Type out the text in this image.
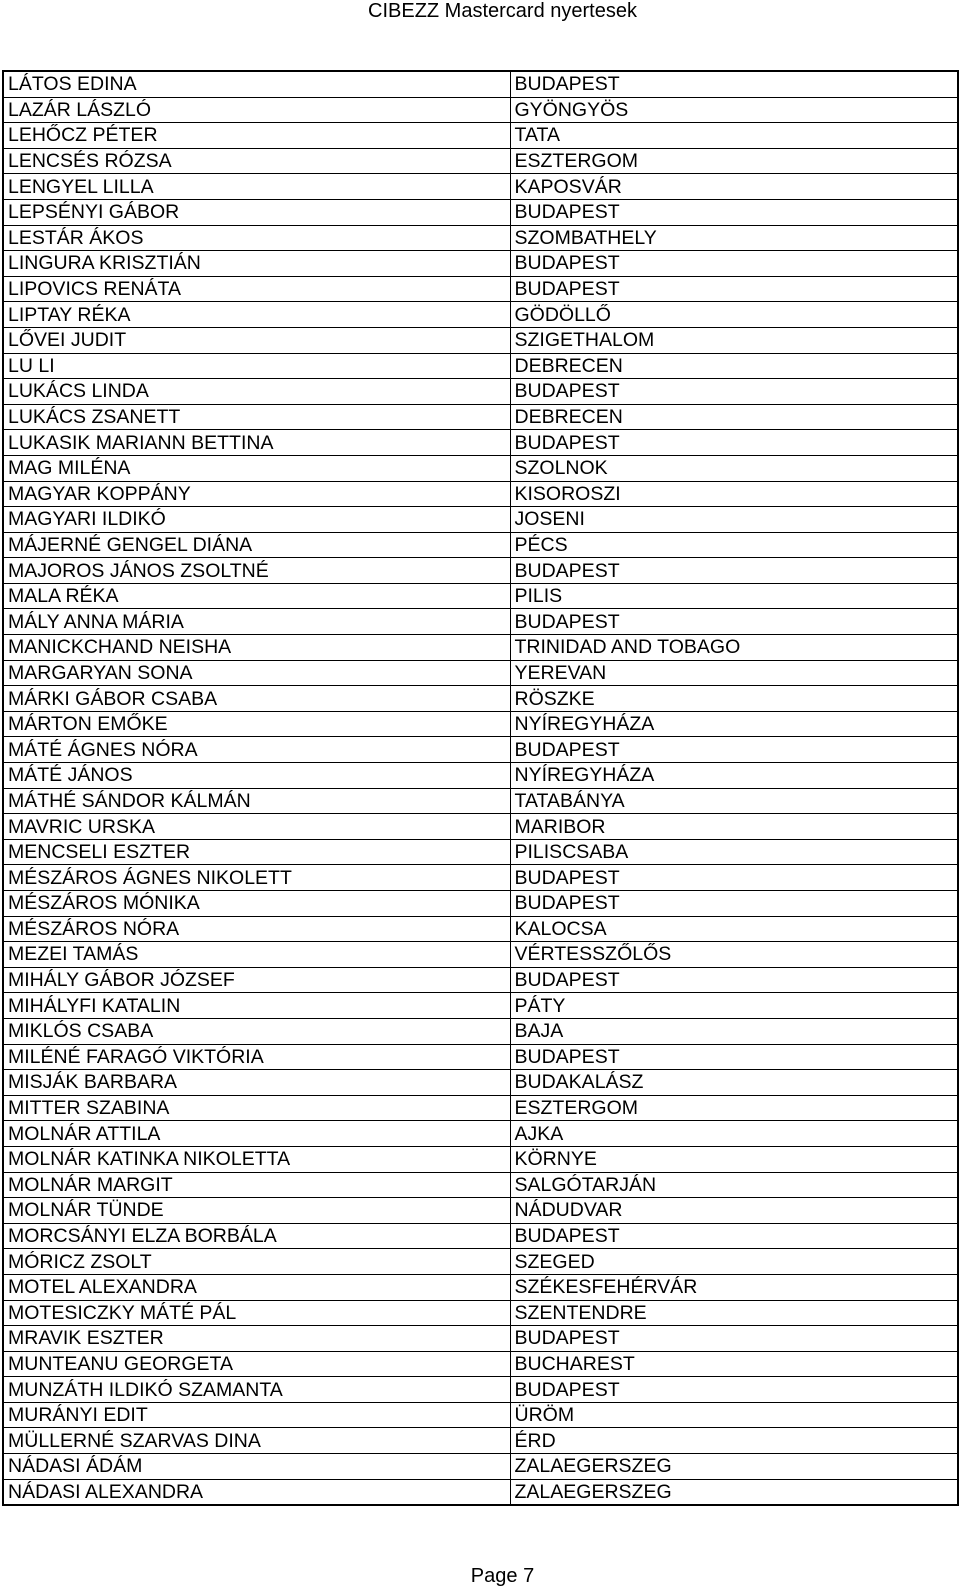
CIBEZZ Mastercard nyertesek
LÁTOS EDINA	BUDAPEST
LAZÁR LÁSZLÓ	GYÖNGYÖS
LEHŐCZ PÉTER	TATA
LENCSÉS RÓZSA	ESZTERGOM
LENGYEL LILLA	KAPOSVÁR
LEPSÉNYI GÁBOR	BUDAPEST
LESTÁR ÁKOS	SZOMBATHELY
LINGURA KRISZTIÁN	BUDAPEST
LIPOVICS RENÁTA	BUDAPEST
LIPTAY RÉKA	GÖDÖLLŐ
LŐVEI JUDIT	SZIGETHALOM
LU LI	DEBRECEN
LUKÁCS LINDA	BUDAPEST
LUKÁCS ZSANETT	DEBRECEN
LUKASIK MARIANN BETTINA	BUDAPEST
MAG MILÉNA	SZOLNOK
MAGYAR KOPPÁNY	KISOROSZI
MAGYARI ILDIKÓ	JOSENI
MÁJERNÉ GENGEL DIÁNA	PÉCS
MAJOROS JÁNOS ZSOLTNÉ	BUDAPEST
MALA RÉKA	PILIS
MÁLY ANNA MÁRIA	BUDAPEST
MANICKCHAND NEISHA	TRINIDAD AND TOBAGO
MARGARYAN SONA	YEREVAN
MÁRKI GÁBOR CSABA	RÖSZKE
MÁRTON EMŐKE	NYÍREGYHÁZA
MÁTÉ ÁGNES NÓRA	BUDAPEST
MÁTÉ JÁNOS	NYÍREGYHÁZA
MÁTHÉ SÁNDOR KÁLMÁN	TATABÁNYA
MAVRIC URSKA	MARIBOR
MENCSELI ESZTER	PILISCSABA
MÉSZÁROS ÁGNES NIKOLETT	BUDAPEST
MÉSZÁROS MÓNIKA	BUDAPEST
MÉSZÁROS NÓRA	KALOCSA
MEZEI TAMÁS	VÉRTESSZŐLŐS
MIHÁLY GÁBOR JÓZSEF	BUDAPEST
MIHÁLYFI KATALIN	PÁTY
MIKLÓS CSABA	BAJA
MILÉNÉ FARAGÓ VIKTÓRIA	BUDAPEST
MISJÁK BARBARA	BUDAKALÁSZ
MITTER SZABINA	ESZTERGOM
MOLNÁR ATTILA	AJKA
MOLNÁR KATINKA NIKOLETTA	KÖRNYE
MOLNÁR MARGIT	SALGÓTARJÁN
MOLNÁR TÜNDE	NÁDUDVAR
MORCSÁNYI ELZA BORBÁLA	BUDAPEST
MÓRICZ ZSOLT	SZEGED
MOTEL ALEXANDRA	SZÉKESFEHÉRVÁR
MOTESICZKY MÁTÉ PÁL	SZENTENDRE
MRAVIK ESZTER	BUDAPEST
MUNTEANU GEORGETA	BUCHAREST
MUNZÁTH ILDIKÓ SZAMANTA	BUDAPEST
MURÁNYI EDIT	ÜRÖM
MÜLLERNÉ SZARVAS DINA	ÉRD
NÁDASI ÁDÁM	ZALAEGERSZEG
NÁDASI ALEXANDRA	ZALAEGERSZEG
Page 7
